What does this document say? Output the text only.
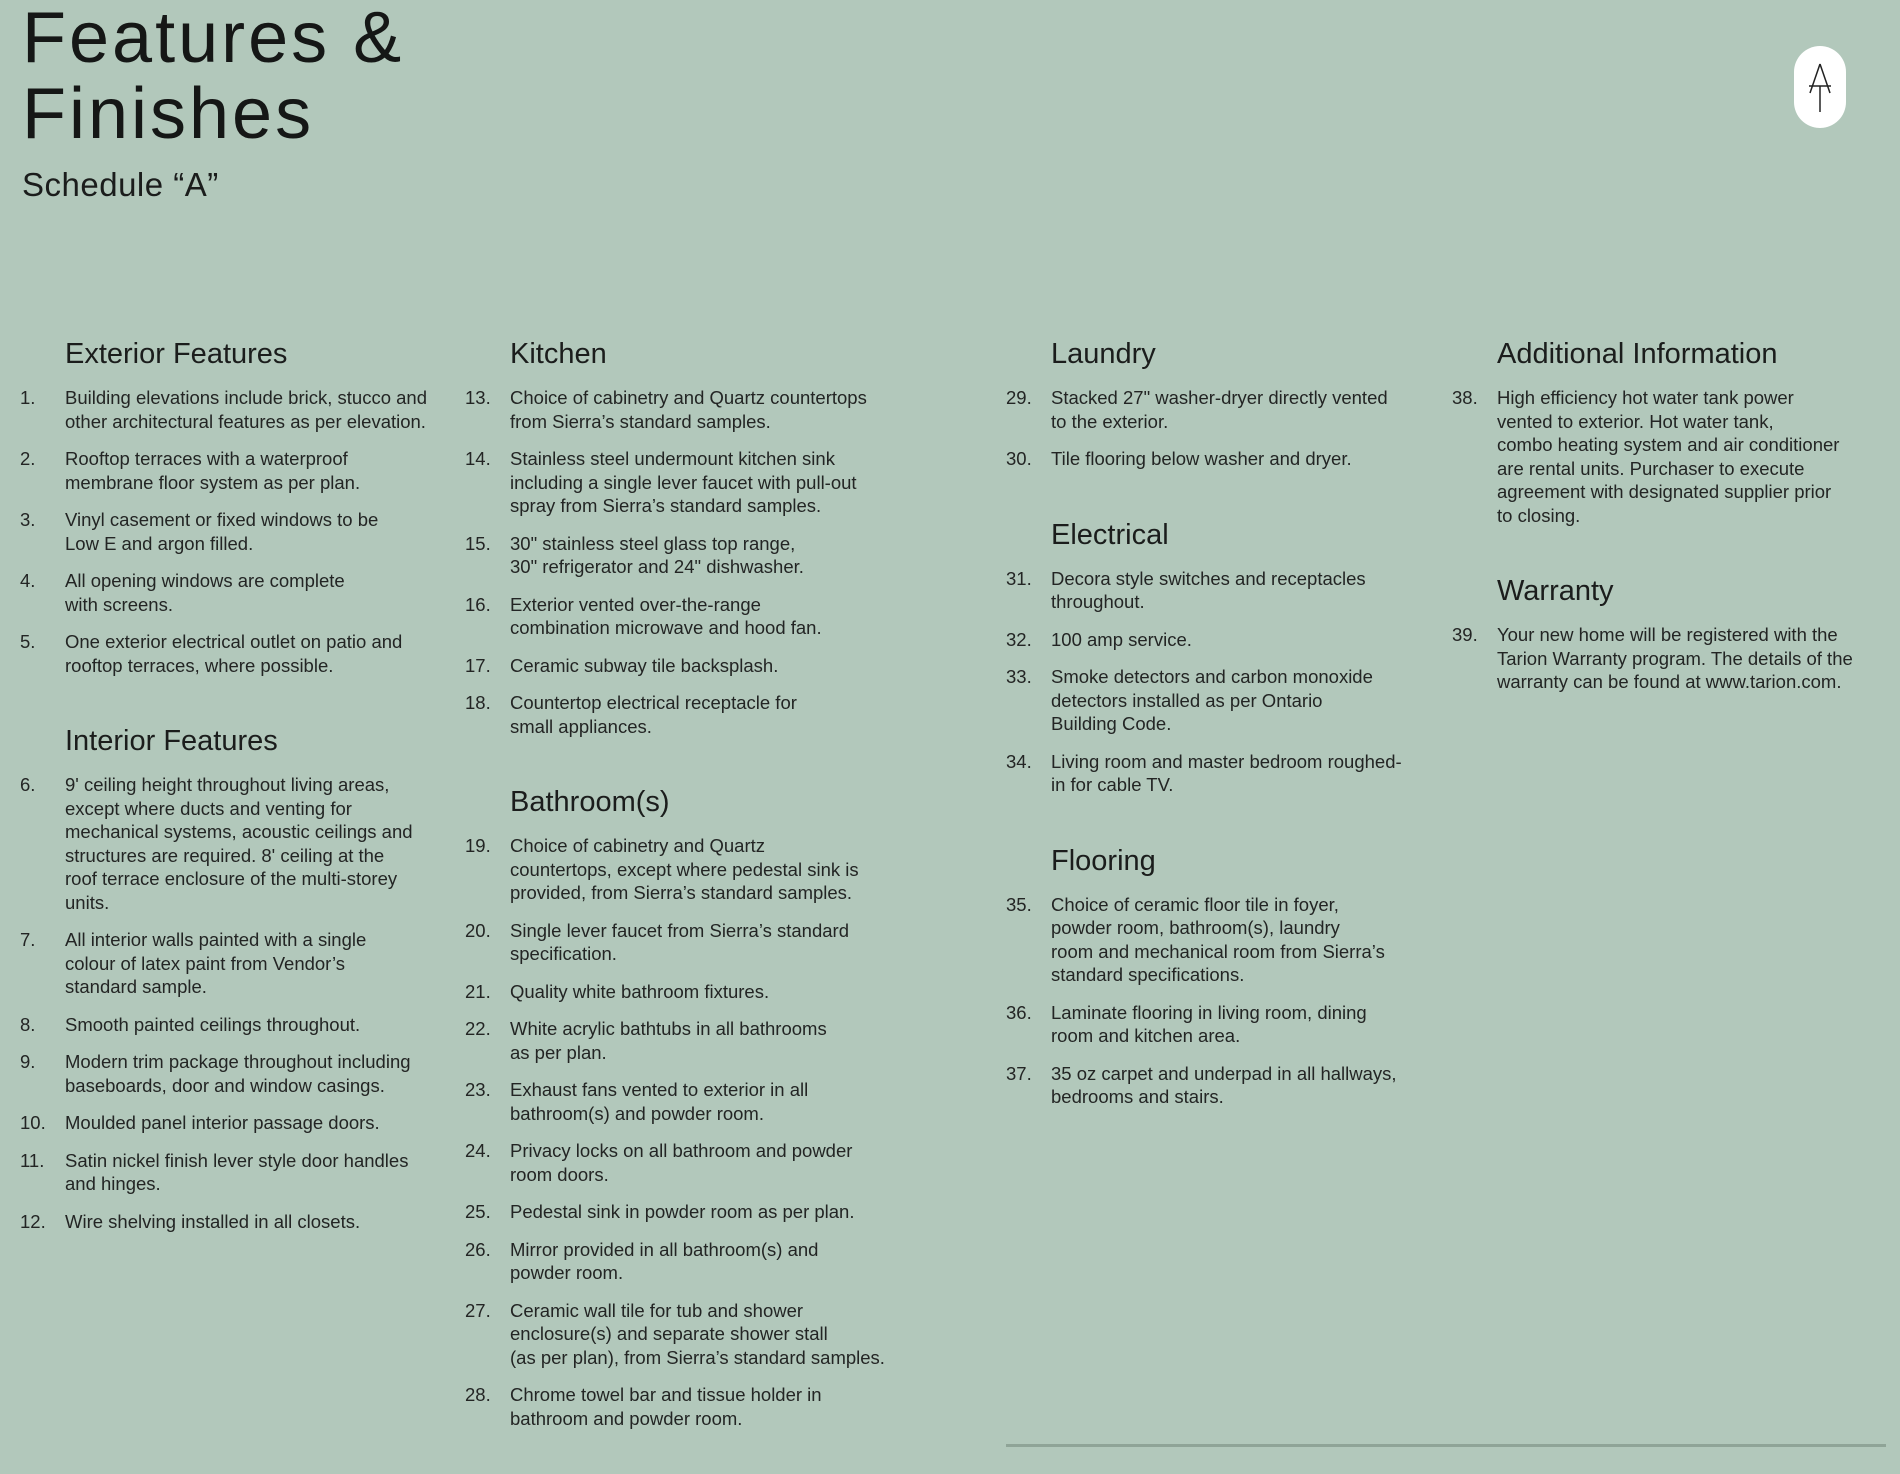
Features &
Finishes

Schedule “A”

Exterior Features
1.	Building elevations include brick, stucco and
other architectural features as per elevation.
2.	Rooftop terraces with a waterproof
membrane floor system as per plan.
3.	Vinyl casement or fixed windows to be
Low E and argon filled.
4.	All opening windows are complete
with screens.
5.	One exterior electrical outlet on patio and
rooftop terraces, where possible.
Interior Features
6.	9' ceiling height throughout living areas,
except where ducts and venting for
mechanical systems, acoustic ceilings and
structures are required. 8' ceiling at the
roof terrace enclosure of the multi-storey
units.
7.	All interior walls painted with a single
colour of latex paint from Vendor’s
standard sample.
8.	Smooth painted ceilings throughout.
9.	Modern trim package throughout including
baseboards, door and window casings.
10.	Moulded panel interior passage doors.
11.	Satin nickel finish lever style door handles
and hinges.
12.	Wire shelving installed in all closets.
Kitchen
13.	Choice of cabinetry and Quartz countertops
from Sierra’s standard samples.
14.	Stainless steel undermount kitchen sink
including a single lever faucet with pull-out
spray from Sierra’s standard samples.
15.	30" stainless steel glass top range,
30" refrigerator and 24" dishwasher.
16.	Exterior vented over-the-range
combination microwave and hood fan.
17.	Ceramic subway tile backsplash.
18.	Countertop electrical receptacle for
small appliances.
Bathroom(s)
19.	Choice of cabinetry and Quartz
countertops, except where pedestal sink is
provided, from Sierra’s standard samples.
20.	Single lever faucet from Sierra’s standard
specification.
21.	Quality white bathroom fixtures.
22.	White acrylic bathtubs in all bathrooms
as per plan.
23.	Exhaust fans vented to exterior in all
bathroom(s) and powder room.
24.	Privacy locks on all bathroom and powder
room doors.
25.	Pedestal sink in powder room as per plan.
26.	Mirror provided in all bathroom(s) and
powder room.
27.	Ceramic wall tile for tub and shower
enclosure(s) and separate shower stall
(as per plan), from Sierra’s standard samples.
28.	Chrome towel bar and tissue holder in
bathroom and powder room.
Laundry
29.	Stacked 27" washer-dryer directly vented
to the exterior.
30.	Tile flooring below washer and dryer.
Electrical
31.	Decora style switches and receptacles
throughout.
32.	100 amp service.
33.	Smoke detectors and carbon monoxide
detectors installed as per Ontario
Building Code.
34.	Living room and master bedroom roughed-
in for cable TV.
Flooring
35.	Choice of ceramic floor tile in foyer,
powder room, bathroom(s), laundry
room and mechanical room from Sierra’s
standard specifications.
36.	Laminate flooring in living room, dining
room and kitchen area.
37.	35 oz carpet and underpad in all hallways,
bedrooms and stairs.
Additional Information
38.	High efficiency hot water tank power
vented to exterior. Hot water tank,
combo heating system and air conditioner
are rental units. Purchaser to execute
agreement with designated supplier prior
to closing.
Warranty
39.	Your new home will be registered with the
Tarion Warranty program. The details of the
warranty can be found at www.tarion.com.
